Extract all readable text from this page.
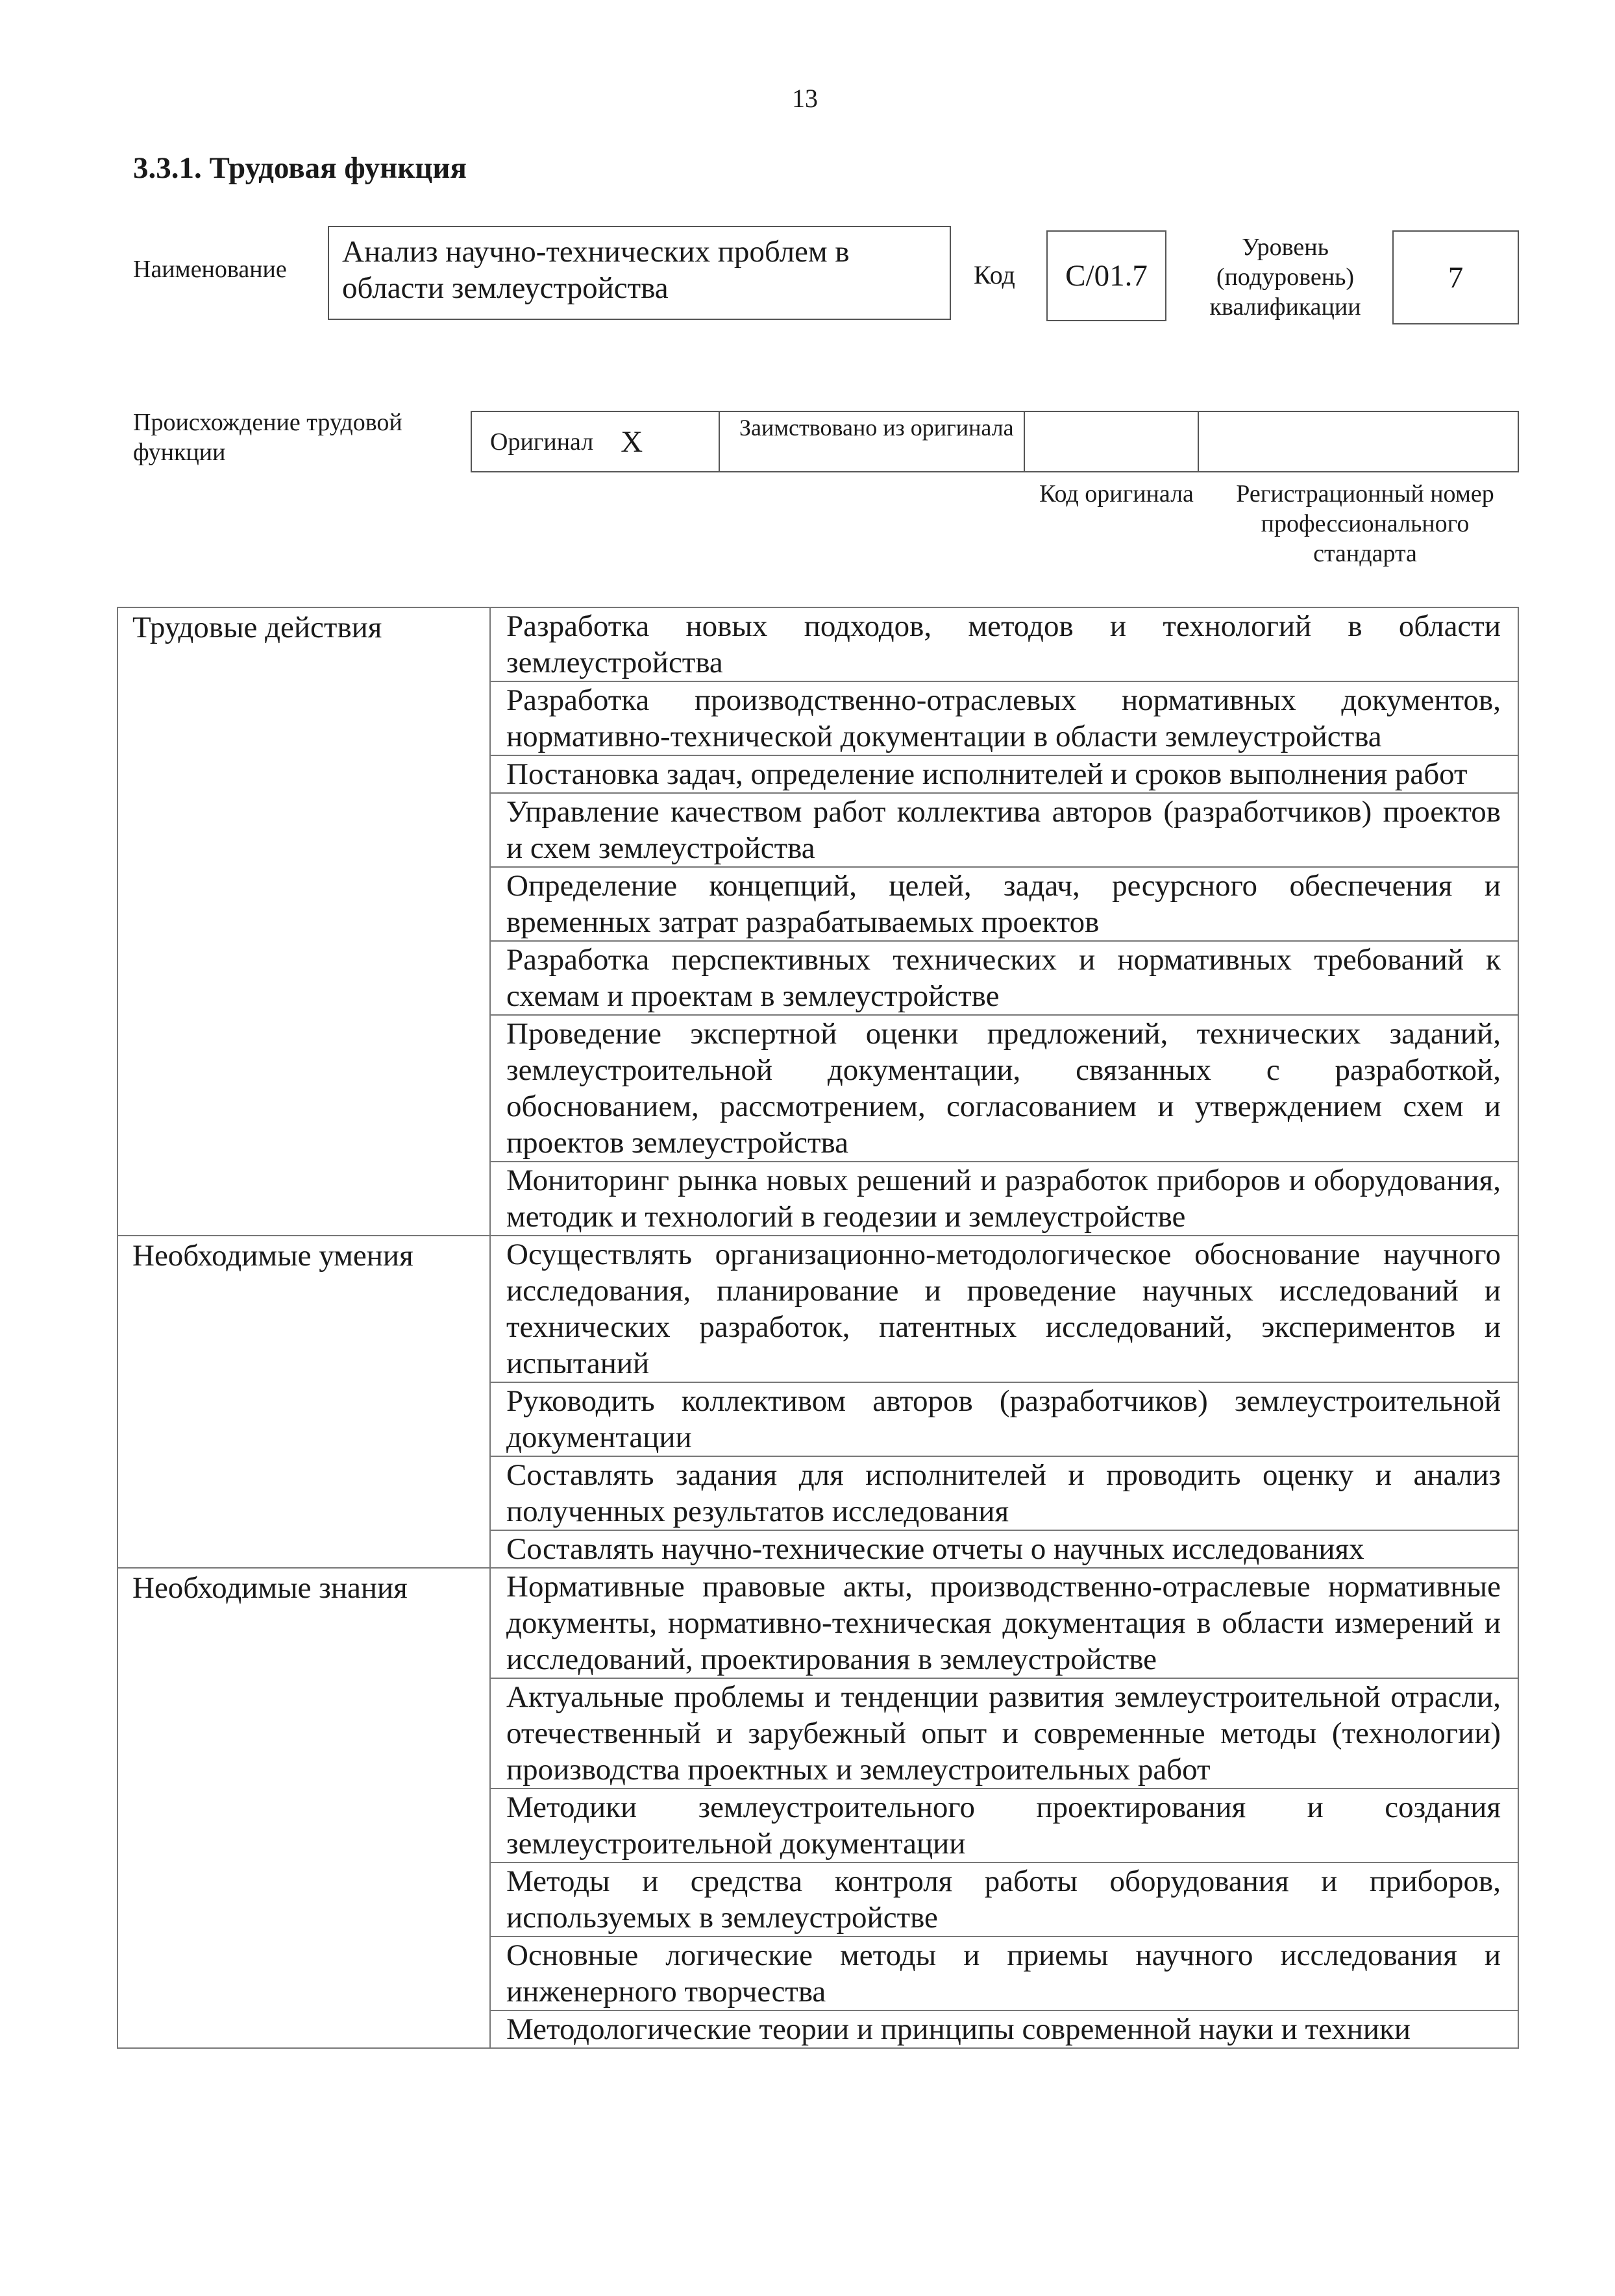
13
3.3.1. Трудовая функция
Наименование
Анализ научно-технических проблем в области землеустройства	Код C/01.7
Уровень (подуровень) квалификации
7
Происхождение трудовой функции	Оригинал X	Заимствовано из оригинала
Код оригинала	Регистрационный номер профессионального стандарта
Трудовые действия	Разработка новых подходов, методов и технологий в области землеустройства
	Разработка производственно-отраслевых нормативных документов, нормативно-технической документации в области землеустройства
	Постановка задач, определение исполнителей и сроков выполнения работ
	Управление качеством работ коллектива авторов (разработчиков) проектов и схем землеустройства
	Определение концепций, целей, задач, ресурсного обеспечения и временных затрат разрабатываемых проектов
	Разработка перспективных технических и нормативных требований к схемам и проектам в землеустройстве
	Проведение экспертной оценки предложений, технических заданий, землеустроительной документации, связанных с разработкой, обоснованием, рассмотрением, согласованием и утверждением схем и проектов землеустройства
	Мониторинг рынка новых решений и разработок приборов и оборудования, методик и технологий в геодезии и землеустройстве
Необходимые умения	Осуществлять организационно-методологическое обоснование научного исследования, планирование и проведение научных исследований и технических разработок, патентных исследований, экспериментов и испытаний
	Руководить коллективом авторов (разработчиков) землеустроительной документации
	Составлять задания для исполнителей и проводить оценку и анализ полученных результатов исследования
	Составлять научно-технические отчеты о научных исследованиях
Необходимые знания	Нормативные правовые акты, производственно-отраслевые нормативные документы, нормативно-техническая документация в области измерений и исследований, проектирования в землеустройстве
	Актуальные проблемы и тенденции развития землеустроительной отрасли, отечественный и зарубежный опыт и современные методы (технологии) производства проектных и землеустроительных работ
	Методики землеустроительного проектирования и создания землеустроительной документации
	Методы и средства контроля работы оборудования и приборов, используемых в землеустройстве
	Основные логические методы и приемы научного исследования и инженерного творчества
	Методологические теории и принципы современной науки и техники
